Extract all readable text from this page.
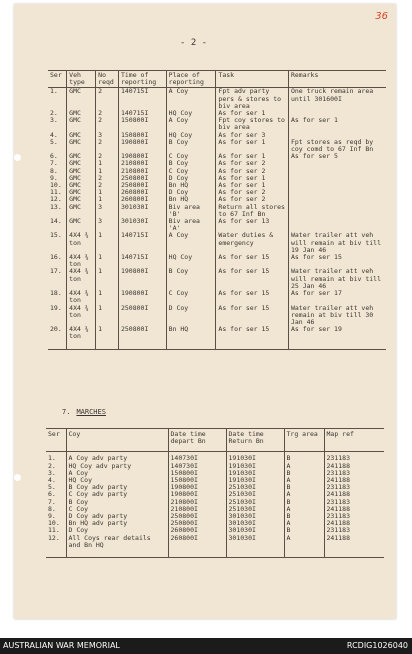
36
- 2 -
Ser	Veh type	No reqd	Time of reporting	Place of reporting	Task	Remarks
1.	GMC	2	140715I	A Coy	Fpt adv party pers & stores to biv area	One truck remain area until 301600I
2.	GMC	2	140715I	HQ Coy	As for ser 1	
3.	GMC	2	150800I	A Coy	Fpt coy stores to biv area	As for ser 1
4.	GMC	3	150800I	HQ Coy	As for ser 3	
5.	GMC	2	190800I	B Coy	As for ser 1	Fpt stores as reqd by coy comd to 67 Inf Bn
6.	GMC	2	190800I	C Coy	As for ser 1	As for ser 5
7.	GMC	1	210800I	B Coy	As for ser 2	
8.	GMC	1	210800I	C Coy	As for ser 2	
9.	GMC	2	250800I	D Coy	As for ser 1	
10.	GMC	2	250800I	Bn HQ	As for ser 1	
11.	GMC	1	260800I	D Coy	As for ser 2	
12.	GMC	1	260800I	Bn HQ	As for ser 2	
13.	GMC	3	301030I	Biv area 'B'	Return all stores to 67 Inf Bn	
14.	GMC	3	301030I	Biv area 'A'	As for ser 13	
15.	4X4 ¾ ton	1	140715I	A Coy	Water duties & emergency	Water trailer att veh will remain at biv till 19 Jan 46
16.	4X4 ¾ ton	1	140715I	HQ Coy	As for ser 15	As for ser 15
17.	4X4 ¾ ton	1	190800I	B Coy	As for ser 15	Water trailer att veh will remain at biv till 25 Jan 46
18.	4X4 ¾ ton	1	190800I	C Coy	As for ser 15	As for ser 17
19.	4X4 ¾ ton	1	250800I	D Coy	As for ser 15	Water trailer att veh remain at biv till 30 Jan 46
20.	4X4 ¾ ton	1	250800I	Bn HQ	As for ser 15	As for ser 19
7. MARCHES
Ser	Coy	Date time depart Bn	Date time Return Bn	Trg area	Map ref
1.	A Coy adv party	140730I	191030I	B	231183
2.	HQ Coy adv party	140730I	191030I	A	241188
3.	A Coy	150800I	191030I	B	231183
4.	HQ Coy	150800I	191030I	A	241188
5.	B Coy adv party	190800I	251030I	B	231183
6.	C Coy adv party	190800I	251030I	A	241188
7.	B Coy	210800I	251030I	B	231183
8.	C Coy	210800I	251030I	A	241188
9.	D Coy adv party	250800I	301030I	B	231183
10.	Bn HQ adv party	250800I	301030I	A	241188
11.	D Coy	260800I	301030I	B	231183
12.	All Coys rear details and Bn HQ	260800I	301030I	A	241188
AUSTRALIAN WAR MEMORIAL	RCDIG1026040
